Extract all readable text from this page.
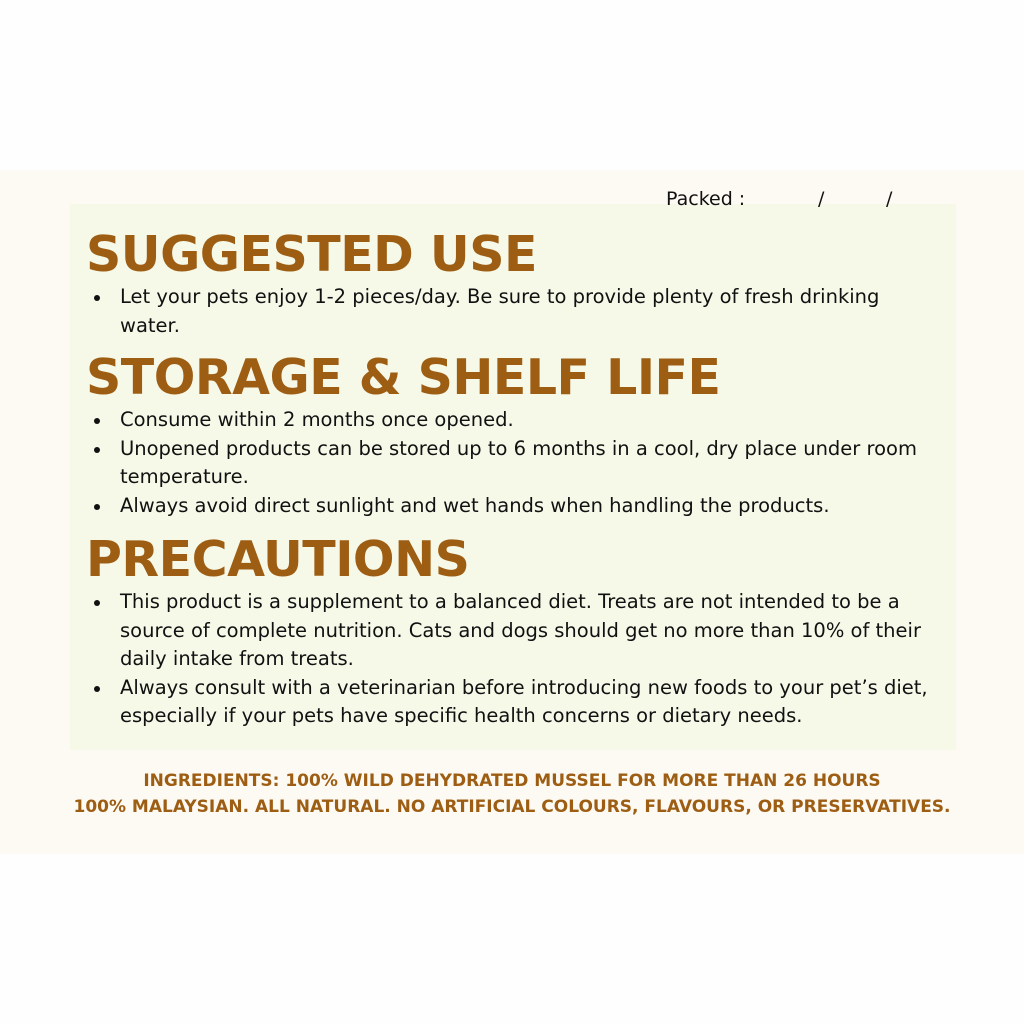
Packed :	/	/
SUGGESTED USE
Let your pets enjoy 1-2 pieces/day. Be sure to provide plenty of fresh drinking water.
STORAGE & SHELF LIFE
Consume within 2 months once opened.
Unopened products can be stored up to 6 months in a cool, dry place under room temperature.
Always avoid direct sunlight and wet hands when handling the products.
PRECAUTIONS
This product is a supplement to a balanced diet. Treats are not intended to be a source of complete nutrition. Cats and dogs should get no more than 10% of their daily intake from treats.
Always consult with a veterinarian before introducing new foods to your pet’s diet, especially if your pets have specific health concerns or dietary needs.
INGREDIENTS: 100% WILD DEHYDRATED MUSSEL FOR MORE THAN 26 HOURS
100% MALAYSIAN. ALL NATURAL. NO ARTIFICIAL COLOURS, FLAVOURS, OR PRESERVATIVES.
